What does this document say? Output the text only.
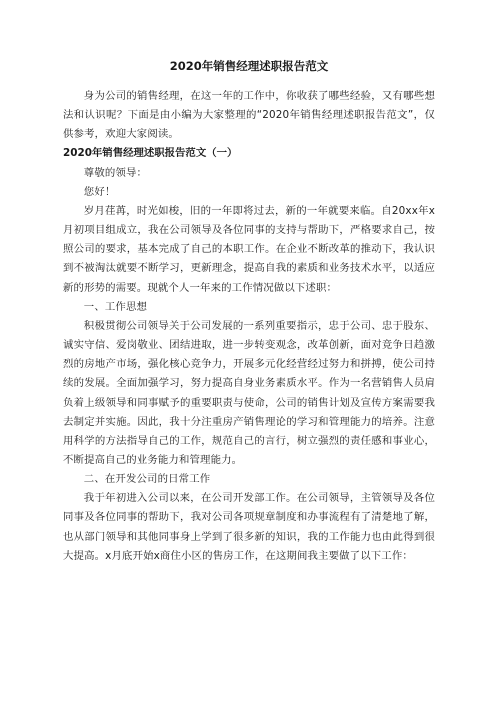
2020年销售经理述职报告范文

身为公司的销售经理，在这一年的工作中，你收获了哪些经验，又有哪些想法和认识呢？下面是由小编为大家整理的“2020年销售经理述职报告范文”，仅供参考，欢迎大家阅读。

2020年销售经理述职报告范文（一）

尊敬的领导：

您好！

岁月荏苒，时光如梭，旧的一年即将过去，新的一年就要来临。自20xx年x月初项目组成立，我在公司领导及各位同事的支持与帮助下，严格要求自己，按照公司的要求，基本完成了自己的本职工作。在企业不断改革的推动下，我认识到不被淘汰就要不断学习，更新理念，提高自我的素质和业务技术水平，以适应新的形势的需要。现就个人一年来的工作情况做以下述职：

一、工作思想

积极贯彻公司领导关于公司发展的一系列重要指示，忠于公司、忠于股东、诚实守信、爱岗敬业、团结进取，进一步转变观念，改革创新，面对竞争日趋激烈的房地产市场，强化核心竞争力，开展多元化经营经过努力和拼搏，使公司持续的发展。全面加强学习，努力提高自身业务素质水平。作为一名营销售人员肩负着上级领导和同事赋予的重要职责与使命，公司的销售计划及宣传方案需要我去制定并实施。因此，我十分注重房产销售理论的学习和管理能力的培养。注意用科学的方法指导自己的工作，规范自己的言行，树立强烈的责任感和事业心，不断提高自己的业务能力和管理能力。

二、在开发公司的日常工作

我于年初进入公司以来，在公司开发部工作。在公司领导，主管领导及各位同事及各位同事的帮助下，我对公司各项规章制度和办事流程有了清楚地了解，也从部门领导和其他同事身上学到了很多新的知识，我的工作能力也由此得到很大提高。x月底开始x商住小区的售房工作，在这期间我主要做了以下工作：
